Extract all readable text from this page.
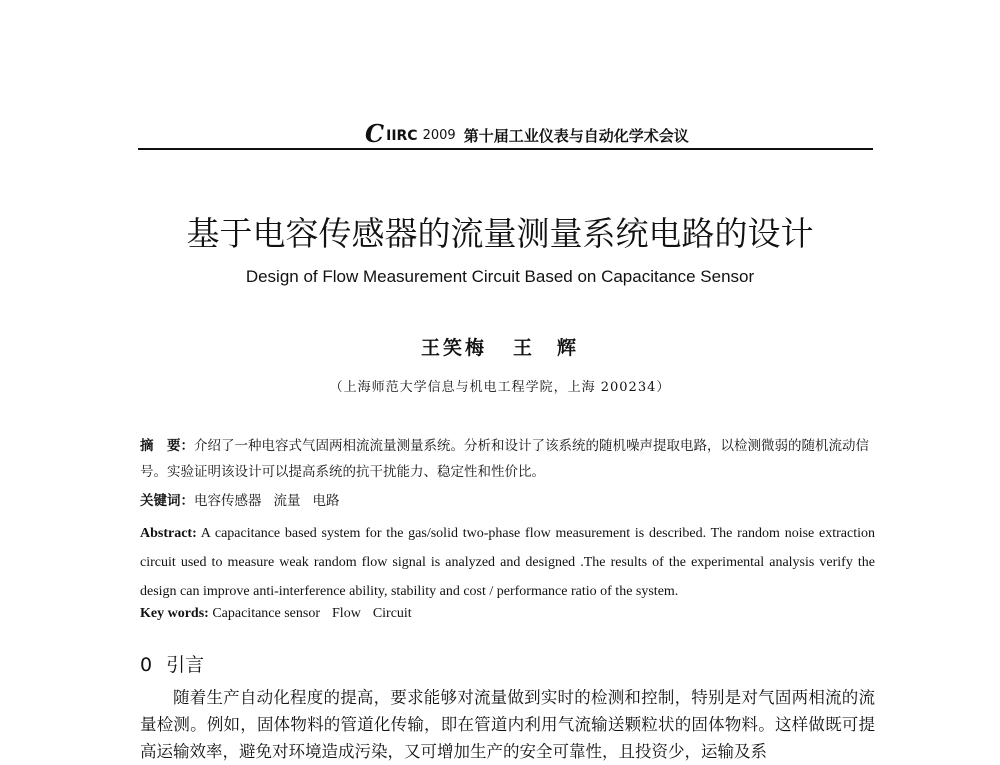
C IIRC 2009 第十届工业仪表与自动化学术会议
基于电容传感器的流量测量系统电路的设计
Design of Flow Measurement Circuit Based on Capacitance Sensor
王笑梅 王　辉
（上海师范大学信息与机电工程学院，上海 200234）
摘　要：介绍了一种电容式气固两相流流量测量系统。分析和设计了该系统的随机噪声提取电路，以检测微弱的随机流动信号。实验证明该设计可以提高系统的抗干扰能力、稳定性和性价比。
关键词：电容传感器 流量 电路
Abstract: A capacitance based system for the gas/solid two-phase flow measurement is described. The random noise extraction circuit used to measure weak random flow signal is analyzed and designed .The results of the experimental analysis verify the design can improve anti-interference ability, stability and cost / performance ratio of the system.
Key words: Capacitance sensor Flow Circuit
0 引言
随着生产自动化程度的提高，要求能够对流量做到实时的检测和控制，特别是对气固两相流的流量检测。例如，固体物料的管道化传输，即在管道内利用气流输送颗粒状的固体物料。这样做既可提高运输效率，避免对环境造成污染，又可增加生产的安全可靠性，且投资少，运输及系
